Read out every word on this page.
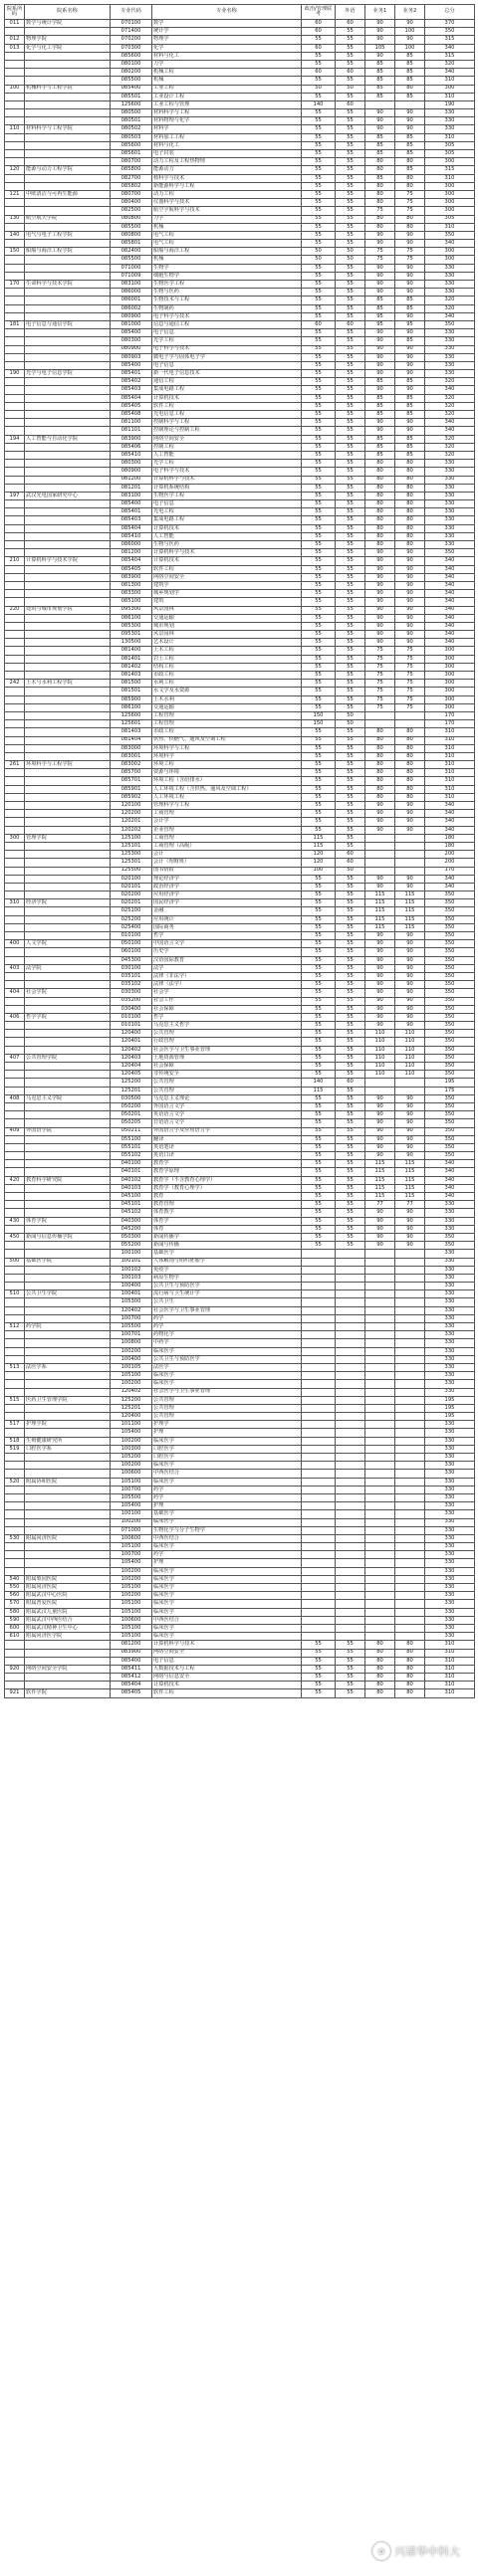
院系所码	院系名称	专业代码	专业名称	政治/管理联考	外语	业务1	业务2	总分
011	数学与统计学院	070100	数学	60	60	90	90	370
		071400	统计学	60	55	90	100	350
012	物理学院	070200	物理学	55	55	90	90	315
013	化学与化工学院	070300	化学	60	55	105	100	340
		085600	材料与化工	55	55	90	85	315
		080100	力学	55	55	85	85	320
		080200	机械工程	60	60	85	85	340
		085500	机械	55	55	85	85	310
100	机械科学与工程学院	085400	工业工程	50	50	85	80	300
		085501	工业设计工程	55	55	85	85	310
		125600	工业工程与管理	140	60			190
		080500	材料科学与工程	55	55	90	90	330
		080501	材料物理与化学	55	55	90	90	330
110	材料科学与工程学院	080502	材料学	55	55	90	90	330
		080503	材料加工工程	55	55	85	85	310
		085600	材料与化工	55	55	85	85	305
		085601	电子封装	55	55	85	85	305
		080700	动力工程及工程热物理	55	55	80	80	300
120	能源与动力工程学院	085800	能源动力	55	55	80	85	315
		082700	核科学与技术	55	55	85	80	310
		085802	新能源科学与工程	55	55	80	80	300
121	中欧清洁与可再生能源	080700	动力工程	55	55	80	75	300
		080400	仪器科学与技术	55	55	80	75	300
		082500	航空宇航科学与技术	55	55	75	75	300
130	航空航天学院	080800	力学	55	55	80	80	305
		085500	机械	55	55	80	80	310
140	电气与电子工程学院	080800	电气工程	55	55	90	90	350
		085801	电气工程	55	55	90	90	340
150	船舶与海洋工程学院	082400	船舶与海洋工程	50	50	75	75	300
		085500	机械	50	50	75	75	300
		071000	生物学	55	55	90	90	330
		071009	细胞生物学	55	55	90	90	330
170	生命科学与技术学院	083100	生物医学工程	55	55	90	90	330
		086000	生物与医药	55	55	90	90	330
		086001	生物技术与工程	55	55	85	85	320
		086002	生物制药	55	55	85	85	320
		080900	电子科学与技术	55	55	95	90	340
181	电子信息与通信学院	081000	信息与通信工程	60	60	95	95	350
		085400	电子信息	55	55	90	90	330
		080300	光学工程	55	55	90	85	330
		080900	电子科学与技术	55	55	90	90	330
		080903	微电子学与固体电子学	55	55	90	90	330
		085400	电子信息	55	55	90	90	330
190	光学与电子信息学院	085401	新一代电子信息技术	55	55	90	90	330
		085402	通信工程	55	55	85	85	320
		085403	集成电路工程	55	55	90	90	340
		085404	计算机技术	55	55	85	85	320
		085405	软件工程	55	55	85	85	320
		085408	光电信息工程	55	55	85	85	320
		081100	控制科学与工程	55	55	90	90	340
		081101	控制理论与控制工程	55	55	90	90	340
194	人工智能与自动化学院	083900	网络空间安全	55	55	85	85	320
		085406	控制工程	55	55	85	85	320
		085410	人工智能	55	55	85	85	320
		080300	光学工程	55	55	80	80	330
		080900	电子科学与技术	55	55	80	80	330
		081200	计算机科学与技术	55	55	80	80	330
		081201	计算机系统结构	55	55	80	80	330
197	武汉光电国家研究中心	083100	生物医学工程	55	55	80	80	330
		085400	电子信息	55	55	80	80	330
		085401	光电工程	55	55	80	80	330
		085403	集成电路工程	55	55	80	80	330
		085404	计算机技术	55	55	80	80	330
		085410	人工智能	55	55	80	80	330
		086000	生物与医药	55	55	80	80	330
		081200	计算机科学与技术	55	55	90	90	350
210	计算机科学与技术学院	085404	计算机技术	55	55	90	90	340
		085405	软件工程	55	55	90	90	340
		083900	网络空间安全	55	55	90	90	340
		081300	建筑学	55	55	90	90	340
		083300	城乡规划学	55	55	90	90	340
		085100	建筑	55	55	90	90	340
220	建筑与城市规划学院	095300	风景园林	55	55	90	90	340
		086100	交通运输	55	55	90	90	340
		085300	城市规划	55	55	90	90	340
		095301	风景园林	55	55	90	90	340
		130500	艺术设计	55	55	90	90	340
		081400	土木工程	55	55	75	75	300
		081401	岩土工程	55	55	75	75	300
		081402	结构工程	55	55	75	75	300
		081403	市政工程	55	55	75	75	300
242	土木与水利工程学院	081500	水利工程	55	55	75	75	300
		081501	水文学及水资源	55	55	75	75	300
		085900	土木水利	55	55	75	75	300
		086100	交通运输	55	55	75	75	300
		125600	工程管理	150	50			170
		125601	工程管理	150	50			170
		081403	市政工程	55	55	80	80	310
		081404	供热、供燃气、通风及空调工程	55	55	80	80	310
		083000	环境科学与工程	55	55	80	80	310
		083001	环境科学	55	55	80	80	310
261	环境科学与工程学院	083002	环境工程	55	55	80	80	310
		085700	资源与环境	55	55	80	80	310
		085701	环境工程（含给排水）	55	55	80	80	310
		085901	人工环境工程（含供热、通风及空调工程）	55	55	80	80	310
		085902	人工环境工程	55	55	80	80	310
		120100	管理科学与工程	55	55	90	90	340
		120200	工商管理	55	55	90	90	340
		120201	会计学	55	55	90	90	340
		120202	企业管理	55	55	90	90	340
300	管理学院	125100	工商管理	115	55			180
		125101	工商管理（高级）	115	55			180
		125300	会计	120	60			200
		125301	会计（理财班）	120	60			200
		125500	图书情报	100	50			170
		020100	理论经济学	55	55	90	90	340
		020101	政治经济学	55	55	90	90	340
		020200	应用经济学	55	55	115	115	350
310	经济学院	020201	国民经济学	55	55	115	115	350
		025100	金融	55	55	115	115	350
		025200	应用统计	55	55	115	115	350
		025400	国际商务	55	55	115	115	350
		010100	哲学	55	55	90	90	350
400	人文学院	050100	中国语言文学	55	55	90	90	350
		060100	历史学	55	55	90	90	350
		045300	汉语国际教育	55	55	90	90	350
403	法学院	030100	法学	55	55	90	90	350
		035101	法律（非法学）	55	55	90	90	350
		035102	法律（法学）	55	55	90	90	350
404	社会学院	030300	社会学	55	55	90	90	350
		035200	社会工作	55	55	90	90	350
		030400	社会保障	55	55	90	90	350
406	哲学学院	010100	哲学	55	55	90	90	350
		010101	马克思主义哲学	55	55	90	90	350
		120400	公共管理	55	55	110	110	350
		120401	行政管理	55	55	110	110	350
		120402	社会医学与卫生事业管理	55	55	110	110	350
407	公共管理学院	120403	土地资源管理	55	55	110	110	350
		120404	社会保障	55	55	110	110	350
		120405	非传统安全	55	55	110	110	350
		125200	公共管理	140	60			195
		125201	公共管理	115	55			175
408	马克思主义学院	030500	马克思主义理论	55	55	90	90	350
		050200	外国语言文学	55	55	90	90	350
		050201	英语语言文学	55	55	90	90	350
		050205	日语语言文学	55	55	90	90	350
409	外国语学院	050211	外国语言学及应用语言学	55	55	90	90	350
		055100	翻译	55	55	90	90	350
		055101	英语笔译	55	55	90	90	350
		055102	英语口译	55	55	90	90	350
		040100	教育学	55	55	115	115	340
		040101	教育学原理	55	55	115	115	340
420	教育科学研究院	040102	教育学（不含教育心理学）	55	55	115	115	340
		040103	教育学（教育心理学）	55	55	115	115	340
		045100	教育	55	55	115	115	340
		045101	教育管理	55	55	77	77	330
		045102	体育教学	55	55	90	90	330
430	体育学院	040300	体育学	55	55	90	90	330
		045200	体育	55	55	90	90	330
450	新闻与信息传播学院	050300	新闻传播学	55	55	90	90	350
		055200	新闻与传播	55	55	90	90	350
		100100	基础医学					330
500	基础医学院	100101	人体解剖与组织胚胎学					330
		100102	免疫学					330
		100103	病原生物学					330
		100400	公共卫生与预防医学					330
510	公共卫生学院	100401	流行病与卫生统计学					330
		105300	公共卫生					330
		120402	社会医学与卫生事业管理					330
		100700	药学					330
512	药学院	105500	药学					330
		100701	药物化学					330
		100800	中药学					330
		100200	临床医学					330
		100400	公共卫生与预防医学					330
513	法医学系	100105	法医学					330
		105100	临床医学					330
		100200	临床医学					330
		120402	社会医学与卫生事业管理					330
515	医药卫生管理学院	125200	公共管理					195
		125201	公共管理					195
		120400	公共管理					195
517	护理学院	101100	护理学					330
		105400	护理					330
518	生殖健康研究所	100200	临床医学					330
519	口腔医学系	100300	口腔医学					330
		105200	口腔医学					330
		100200	临床医学					330
		100600	中西医结合					330
520	附属协和医院	105100	临床医学					330
		100700	药学					330
		105500	药学					330
		105400	护理					330
		100100	基础医学					330
		100200	临床医学					330
		071000	生物化学与分子生物学					330
530	附属同济医院	100600	中西医结合					330
		105100	临床医学					330
		100700	药学					330
		105400	护理					330
		100200	临床医学					330
540	附属梨园医院	100200	临床医学					330
550	附属同济医院	105100	临床医学					330
560	附属武汉中心医院	100200	临床医学					330
570	附属普爱医院	105100	临床医学					330
580	附属武汉儿童医院	105100	临床医学					330
590	附属武汉中西医结合	100600	中西医结合					330
600	附属武汉精神卫生中心	105100	临床医学					330
610	附属同济医学院	105100	临床医学					330
		081200	计算机科学与技术	55	55	80	80	310
		083900	网络空间安全	55	55	80	80	310
		085400	电子信息	55	55	80	80	310
920	网络空间安全学院	085411	大数据技术与工程	55	55	80	80	310
		085412	网络与信息安全	55	55	80	80	310
		085404	计算机技术	55	55	80	80	310
921	软件学院	085405	软件工程	55	55	80	80	310
✿ 兴诸华中科大
